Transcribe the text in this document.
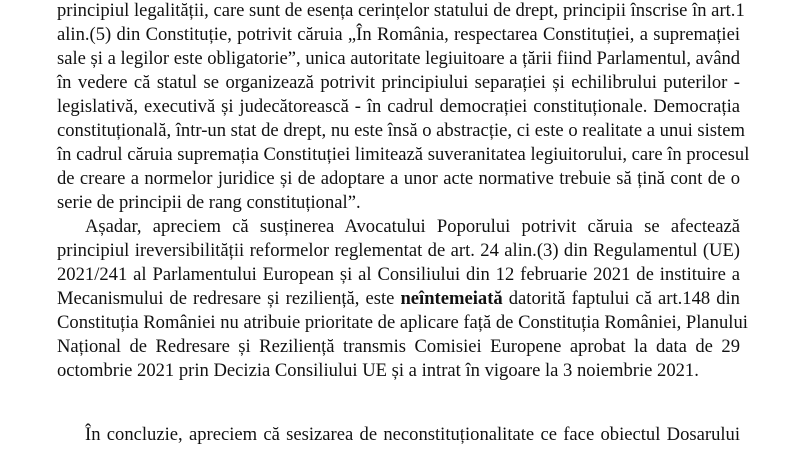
principiul legalității, care sunt de esența cerințelor statului de drept, principii înscrise în art.1
alin.(5) din Constituție, potrivit căruia „În România, respectarea Constituției, a supremației
sale și a legilor este obligatorie”, unica autoritate legiuitoare a țării fiind Parlamentul, având
în vedere că statul se organizează potrivit principiului separației și echilibrului puterilor -
legislativă, executivă și judecătorească - în cadrul democrației constituționale. Democrația
constituțională, într-un stat de drept, nu este însă o abstracție, ci este o realitate a unui sistem
în cadrul căruia supremația Constituției limitează suveranitatea legiuitorului, care în procesul
de creare a normelor juridice și de adoptare a unor acte normative trebuie să țină cont de o
serie de principii de rang constituțional”.
Așadar, apreciem că susținerea Avocatului Poporului potrivit căruia se afectează
principiul ireversibilității reformelor reglementat de art. 24 alin.(3) din Regulamentul (UE)
2021/241 al Parlamentului European și al Consiliului din 12 februarie 2021 de instituire a
Mecanismului de redresare și reziliență, este neîntemeiată datorită faptului că art.148 din
Constituția României nu atribuie prioritate de aplicare față de Constituția României, Planului
Național de Redresare și Reziliență transmis Comisiei Europene aprobat la data de 29
octombrie 2021 prin Decizia Consiliului UE și a intrat în vigoare la 3 noiembrie 2021.
În concluzie, apreciem că sesizarea de neconstituționalitate ce face obiectul Dosarului
